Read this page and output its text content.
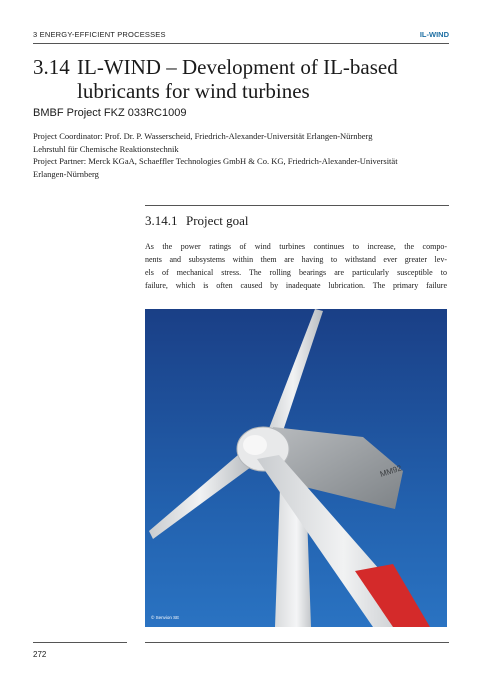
3 ENERGY-EFFICIENT PROCESSES	IL-WIND
3.14 IL-WIND – Development of IL-based lubricants for wind turbines
BMBF Project FKZ 033RC1009
Project Coordinator: Prof. Dr. P. Wasserscheid, Friedrich-Alexander-Universität Erlangen-Nürnberg
Lehrstuhl für Chemische Reaktionstechnik
Project Partner: Merck KGaA, Schaeffler Technologies GmbH & Co. KG, Friedrich-Alexander-Universität
Erlangen-Nürnberg
3.14.1 Project goal
As the power ratings of wind turbines continues to increase, the compo-
nents and subsystems within them are having to withstand ever greater lev-
els of mechanical stress. The rolling bearings are particularly susceptible to
failure, which is often caused by inadequate lubrication. The primary failure
MM92
© Senvion SE
272
